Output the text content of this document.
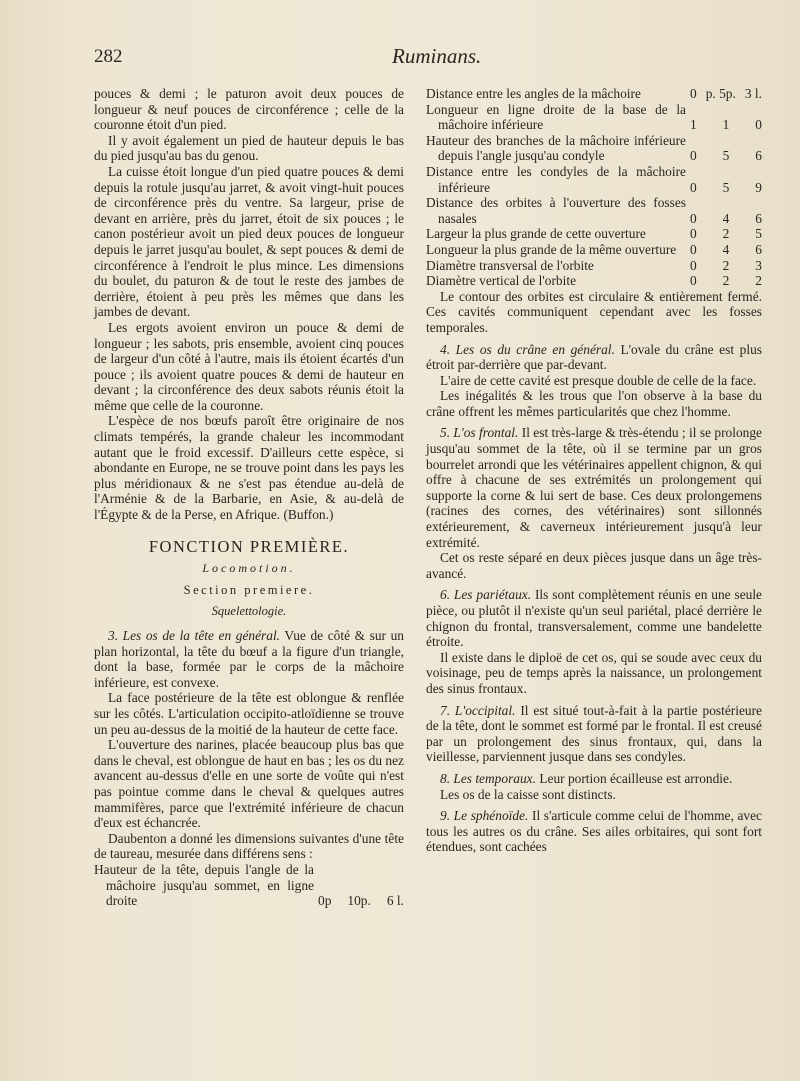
282	Ruminans.

pouces & demi ; le paturon avoit deux pouces de longueur & neuf pouces de circonférence ; celle de la couronne étoit d'un pied.

Il y avoit également un pied de hauteur depuis le bas du pied jusqu'au bas du genou.

La cuisse étoit longue d'un pied quatre pouces & demi depuis la rotule jusqu'au jarret, & avoit vingt-huit pouces de circonférence près du ventre. Sa largeur, prise de devant en arrière, près du jarret, étoit de six pouces ; le canon postérieur avoit un pied deux pouces de longueur depuis le jarret jusqu'au boulet, & sept pouces & demi de circonférence à l'endroit le plus mince. Les dimensions du boulet, du paturon & de tout le reste des jambes de derrière, étoient à peu près les mêmes que dans les jambes de devant.

Les ergots avoient environ un pouce & demi de longueur ; les sabots, pris ensemble, avoient cinq pouces de largeur d'un côté à l'autre, mais ils étoient écartés d'un pouce ; ils avoient quatre pouces & demi de hauteur en devant ; la circonférence des deux sabots réunis étoit la même que celle de la couronne.

L'espèce de nos bœufs paroît être originaire de nos climats tempérés, la grande chaleur les incommodant autant que le froid excessif. D'ailleurs cette espèce, si abondante en Europe, ne se trouve point dans les pays les plus méridionaux & ne s'est pas étendue au-delà de l'Arménie & de la Barbarie, en Asie, & au-delà de l'Égypte & de la Perse, en Afrique. (Buffon.)

FONCTION PREMIÈRE.
Locomotion.
Section premiere.
Squelettologie.

3. Les os de la tête en général. Vue de côté & sur un plan horizontal, la tête du bœuf a la figure d'un triangle, dont la base, formée par le corps de la mâchoire inférieure, est convexe.

La face postérieure de la tête est oblongue & renflée sur les côtés. L'articulation occipito-atloïdienne se trouve un peu au-dessus de la moitié de la hauteur de cette face.

L'ouverture des narines, placée beaucoup plus bas que dans le cheval, est oblongue de haut en bas ; les os du nez avancent au-dessus d'elle en une sorte de voûte qui n'est pas pointue comme dans le cheval & quelques autres mammifères, parce que l'extrémité inférieure de chacun d'eux est échancrée.

Daubenton a donné les dimensions suivantes d'une tête de taureau, mesurée dans différens sens :

Hauteur de la tête, depuis l'angle de la mâchoire jusqu'au sommet, en ligne droite	0p 10p. 6 l.
Distance entre les angles de la mâchoire	0 p. 5p. 3 l.
Longueur en ligne droite de la base de la mâchoire inférieure	1 1 0
Hauteur des branches de la mâchoire inférieure depuis l'angle jusqu'au condyle	0 5 6
Distance entre les condyles de la mâchoire inférieure	0 5 9
Distance des orbites à l'ouverture des fosses nasales	0 4 6
Largeur la plus grande de cette ouverture	0 2 5
Longueur la plus grande de la même ouverture	0 4 6
Diamètre transversal de l'orbite	0 2 3
Diamètre vertical de l'orbite	0 2 2

Le contour des orbites est circulaire & entièrement fermé. Ces cavités communiquent cependant avec les fosses temporales.

4. Les os du crâne en général. L'ovale du crâne est plus étroit par-derrière que par-devant.

L'aire de cette cavité est presque double de celle de la face.

Les inégalités & les trous que l'on observe à la base du crâne offrent les mêmes particularités que chez l'homme.

5. L'os frontal. Il est très-large & très-étendu ; il se prolonge jusqu'au sommet de la tête, où il se termine par un gros bourrelet arrondi que les vétérinaires appellent chignon, & qui offre à chacune de ses extrémités un prolongement qui supporte la corne & lui sert de base. Ces deux prolongemens (racines des cornes, des vétérinaires) sont sillonnés extérieurement, & caverneux intérieurement jusqu'à leur extrémité.

Cet os reste séparé en deux pièces jusque dans un âge très-avancé.

6. Les pariétaux. Ils sont complètement réunis en une seule pièce, ou plutôt il n'existe qu'un seul pariétal, placé derrière le chignon du frontal, transversalement, comme une bandelette étroite.

Il existe dans le diploë de cet os, qui se soude avec ceux du voisinage, peu de temps après la naissance, un prolongement des sinus frontaux.

7. L'occipital. Il est situé tout-à-fait à la partie postérieure de la tête, dont le sommet est formé par le frontal. Il est creusé par un prolongement des sinus frontaux, qui, dans la vieillesse, parviennent jusque dans ses condyles.

8. Les temporaux. Leur portion écailleuse est arrondie.

Les os de la caisse sont distincts.

9. Le sphénoïde. Il s'articule comme celui de l'homme, avec tous les autres os du crâne. Ses ailes orbitaires, qui sont fort étendues, sont cachées
